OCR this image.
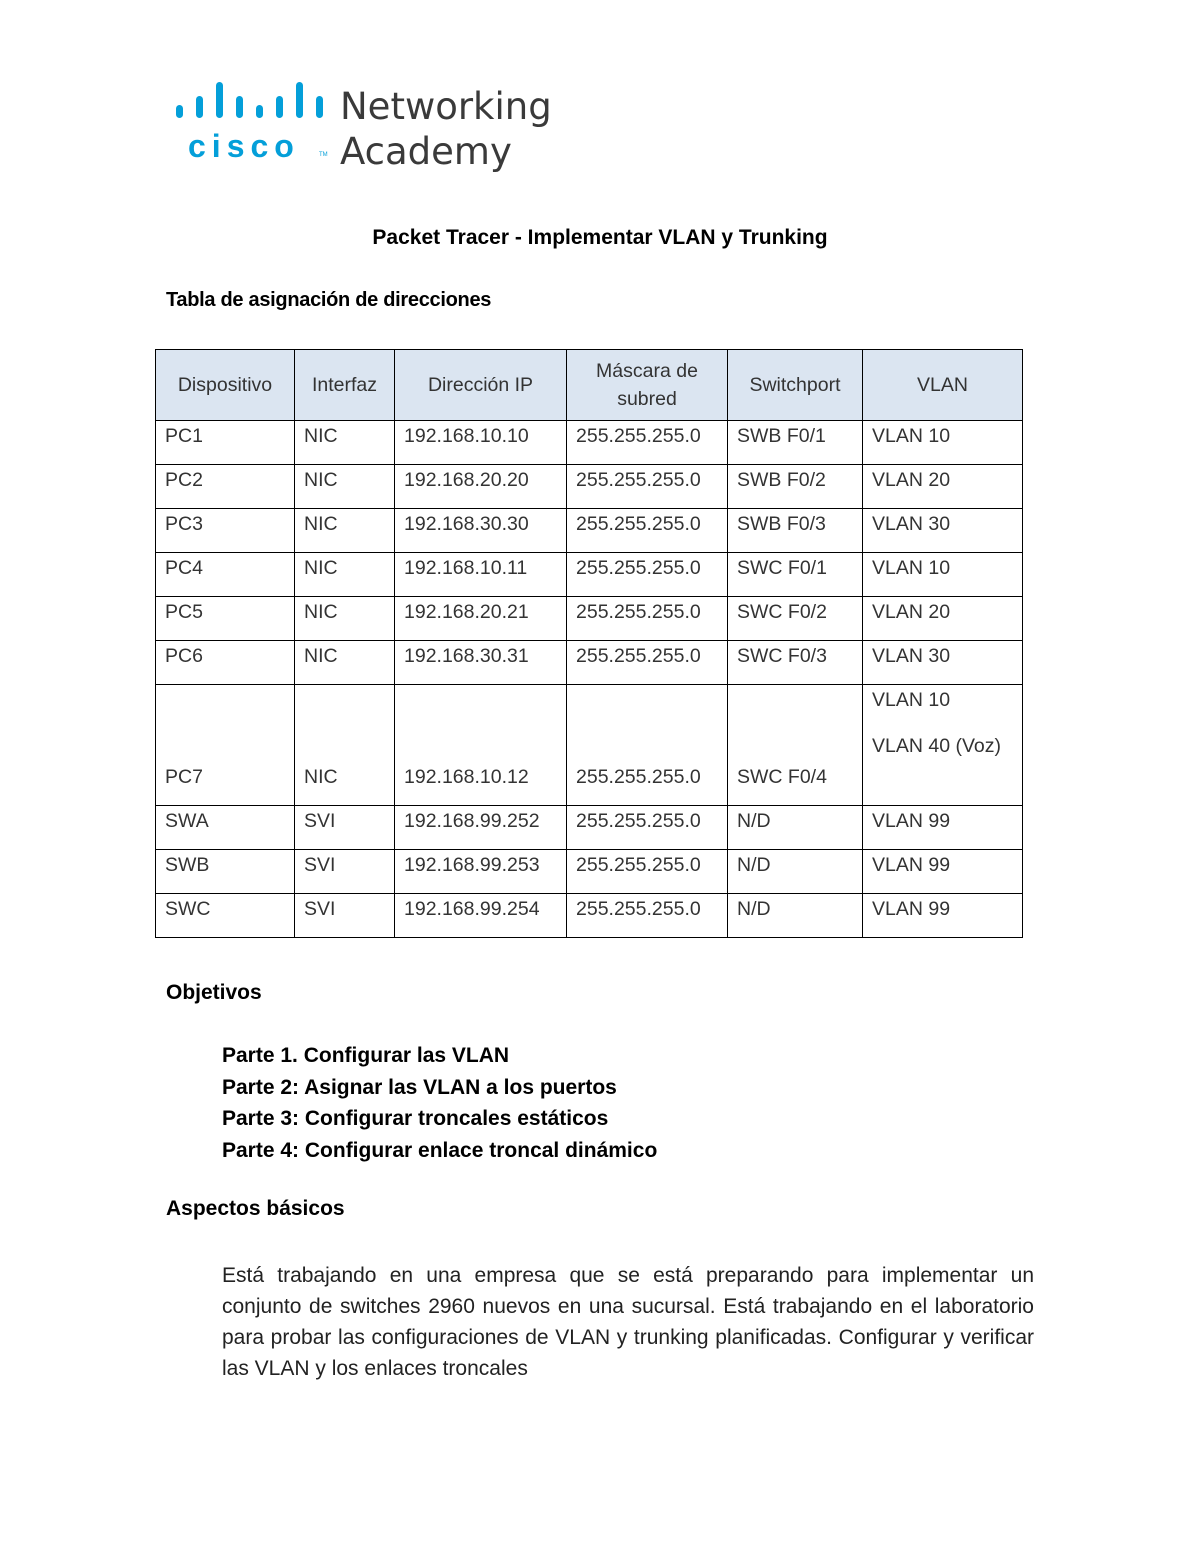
cisco	TM
Networking
Academy
Packet Tracer - Implementar VLAN y Trunking
Tabla de asignación de direcciones
Dispositivo	Interfaz	Dirección IP	Máscara de subred	Switchport	VLAN
PC1	NIC	192.168.10.10	255.255.255.0	SWB F0/1	VLAN 10
PC2	NIC	192.168.20.20	255.255.255.0	SWB F0/2	VLAN 20
PC3	NIC	192.168.30.30	255.255.255.0	SWB F0/3	VLAN 30
PC4	NIC	192.168.10.11	255.255.255.0	SWC F0/1	VLAN 10
PC5	NIC	192.168.20.21	255.255.255.0	SWC F0/2	VLAN 20
PC6	NIC	192.168.30.31	255.255.255.0	SWC F0/3	VLAN 30
PC7	NIC	192.168.10.12	255.255.255.0	SWC F0/4	VLAN 10
VLAN 40 (Voz)

SWA	SVI	192.168.99.252	255.255.255.0	N/D	VLAN 99
SWB	SVI	192.168.99.253	255.255.255.0	N/D	VLAN 99
SWC	SVI	192.168.99.254	255.255.255.0	N/D	VLAN 99
Objetivos
Parte 1. Configurar las VLAN
Parte 2: Asignar las VLAN a los puertos
Parte 3: Configurar troncales estáticos
Parte 4: Configurar enlace troncal dinámico
Aspectos básicos
Está trabajando en una empresa que se está preparando para implementar un conjunto de switches 2960 nuevos en una sucursal. Está trabajando en el laboratorio para probar las configuraciones de VLAN y trunking planificadas. Configurar y verificar las VLAN y los enlaces troncales
